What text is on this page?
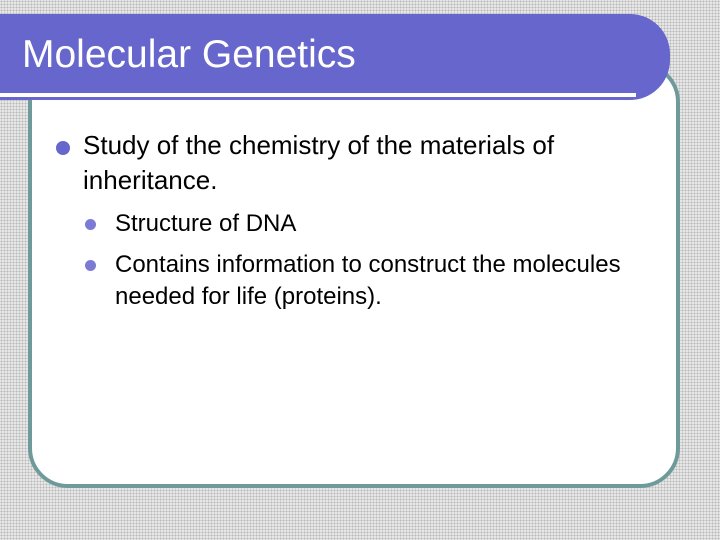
Molecular Genetics
Study of the chemistry of the materials of inheritance.
Structure of DNA
Contains information to construct the molecules needed for life (proteins).
